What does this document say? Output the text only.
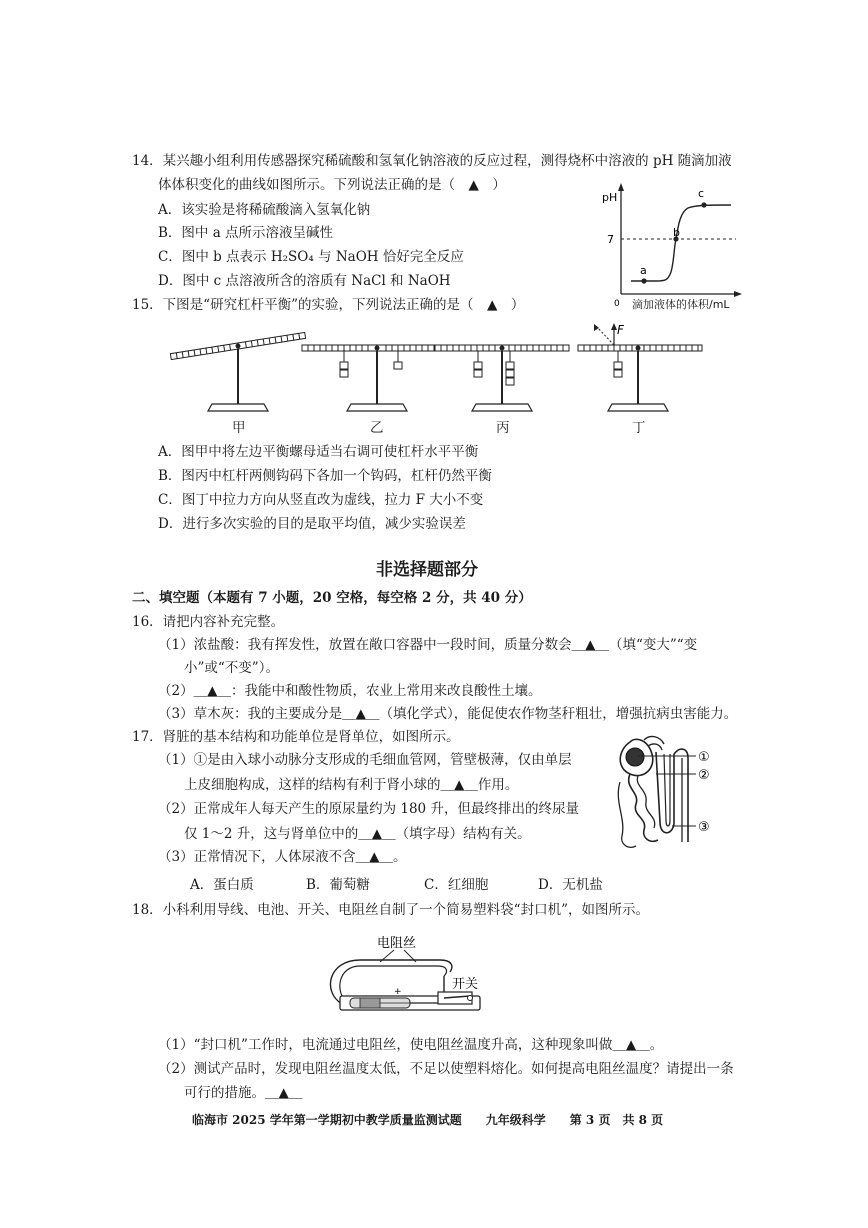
14．某兴趣小组利用传感器探究稀硫酸和氢氧化钠溶液的反应过程，测得烧杯中溶液的 pH 随滴加液
体体积变化的曲线如图所示。下列说法正确的是（　▲　）
A．该实验是将稀硫酸滴入氢氧化钠
B．图中 a 点所示溶液呈碱性
C．图中 b 点表示 H₂SO₄ 与 NaOH 恰好完全反应
D．图中 c 点溶液所含的溶质有 NaCl 和 NaOH
pH
7
0
a
b
c
滴加液体的体积/mL
15．下图是“研究杠杆平衡”的实验，下列说法正确的是（　▲　）
F
甲	乙	丙	丁
A．图甲中将左边平衡螺母适当右调可使杠杆水平平衡
B．图丙中杠杆两侧钩码下各加一个钩码，杠杆仍然平衡
C．图丁中拉力方向从竖直改为虚线，拉力 F 大小不变
D．进行多次实验的目的是取平均值，减少实验误差
非选择题部分
二、填空题（本题有 7 小题，20 空格，每空格 2 分，共 40 分）
16．请把内容补充完整。
（1）浓盐酸：我有挥发性，放置在敞口容器中一段时间，质量分数会＿▲＿（填“变大”“变
小”或“不变”）。
（2）＿▲＿：我能中和酸性物质，农业上常用来改良酸性土壤。
（3）草木灰：我的主要成分是＿▲＿（填化学式），能促使农作物茎秆粗壮，增强抗病虫害能力。
17．肾脏的基本结构和功能单位是肾单位，如图所示。
（1）①是由入球小动脉分支形成的毛细血管网，管壁极薄，仅由单层
上皮细胞构成，这样的结构有利于肾小球的＿▲＿作用。
（2）正常成年人每天产生的原尿量约为 180 升，但最终排出的终尿量
仅 1～2 升，这与肾单位中的＿▲＿（填字母）结构有关。
（3）正常情况下，人体尿液不含＿▲＿。
A．蛋白质	B．葡萄糖	C．红细胞	D．无机盐
①
②
③
18．小科利用导线、电池、开关、电阻丝自制了一个简易塑料袋“封口机”，如图所示。
电阻丝
+	开关
（1）“封口机”工作时，电流通过电阻丝，使电阻丝温度升高，这种现象叫做＿▲＿。
（2）测试产品时，发现电阻丝温度太低，不足以使塑料熔化。如何提高电阻丝温度？请提出一条
可行的措施。＿▲＿
临海市 2025 学年第一学期初中教学质量监测试题　　九年级科学　　第 3 页　共 8 页
